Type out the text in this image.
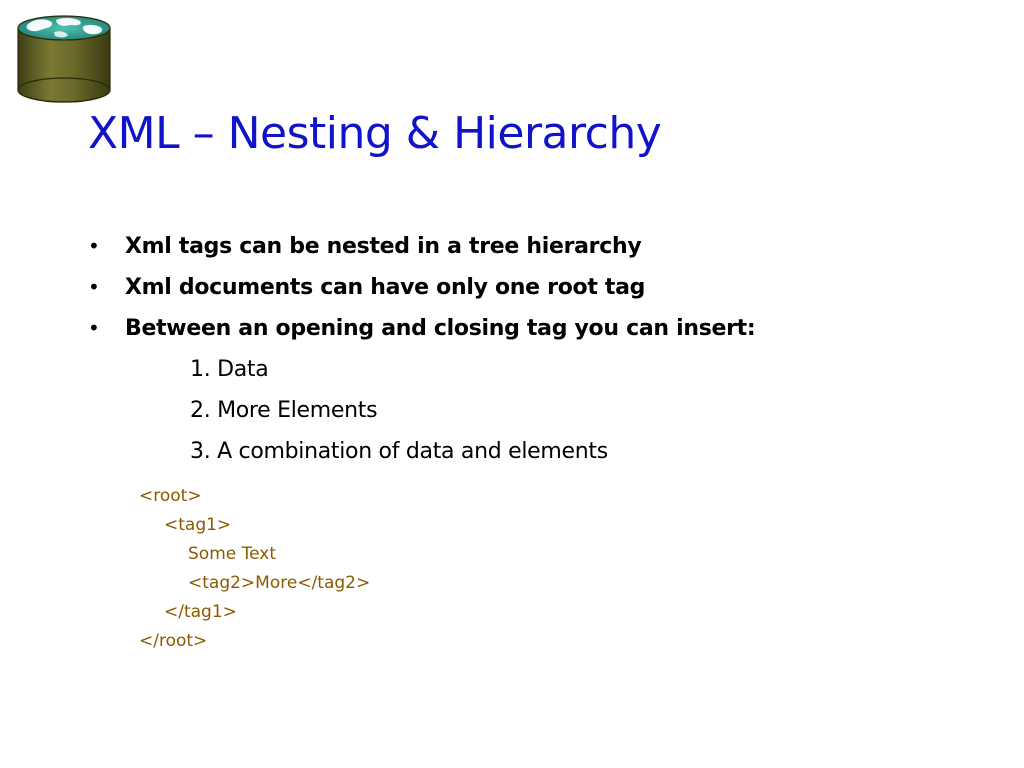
XML – Nesting & Hierarchy
•	Xml tags can be nested in a tree hierarchy
•	Xml documents can have only one root tag
•	Between an opening and closing tag you can insert:
1. Data
2. More Elements
3. A combination of data and elements
<root>
<tag1>
Some Text
<tag2>More</tag2>
</tag1>
</root>
